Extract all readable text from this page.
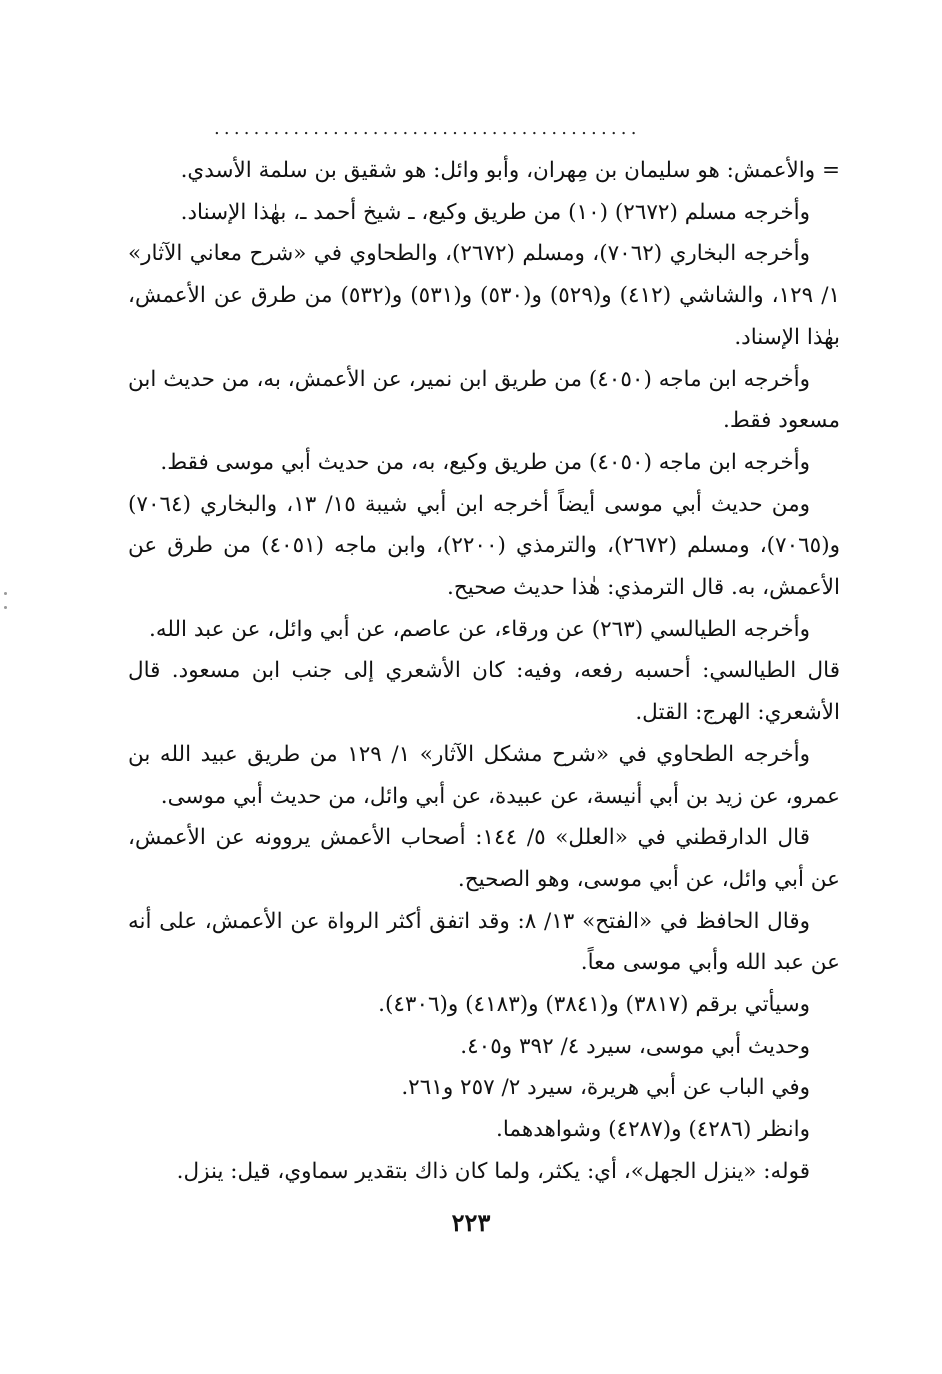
...........................................

= والأعمش: هو سليمان بن مِهران، وأبو وائل: هو شقيق بن سلمة الأسدي.

وأخرجه مسلم (٢٦٧٢) (١٠) من طريق وكيع، ـ شيخ أحمد ـ، بهٰذا الإسناد.

وأخرجه البخاري (٧٠٦٢)، ومسلم (٢٦٧٢)، والطحاوي في «شرح معاني الآثار» ١/ ١٢٩، والشاشي (٤١٢) و(٥٢٩) و(٥٣٠) و(٥٣١) و(٥٣٢) من طرق عن الأعمش، بهٰذا الإسناد.

وأخرجه ابن ماجه (٤٠٥٠) من طريق ابن نمير، عن الأعمش، به، من حديث ابن مسعود فقط.

وأخرجه ابن ماجه (٤٠٥٠) من طريق وكيع، به، من حديث أبي موسى فقط.

ومن حديث أبي موسى أيضاً أخرجه ابن أبي شيبة ١٥/ ١٣، والبخاري (٧٠٦٤) و(٧٠٦٥)، ومسلم (٢٦٧٢)، والترمذي (٢٢٠٠)، وابن ماجه (٤٠٥١) من طرق عن الأعمش، به. قال الترمذي: هٰذا حديث صحيح.

وأخرجه الطيالسي (٢٦٣) عن ورقاء، عن عاصم، عن أبي وائل، عن عبد الله.

قال الطيالسي: أحسبه رفعه، وفيه: كان الأشعري إلى جنب ابن مسعود. قال الأشعري: الهرج: القتل.

وأخرجه الطحاوي في «شرح مشكل الآثار» ١/ ١٢٩ من طريق عبيد الله بن عمرو، عن زيد بن أبي أنيسة، عن عبيدة، عن أبي وائل، من حديث أبي موسى.

قال الدارقطني في «العلل» ٥/ ١٤٤: أصحاب الأعمش يروونه عن الأعمش، عن أبي وائل، عن أبي موسى، وهو الصحيح.

وقال الحافظ في «الفتح» ١٣/ ٨: وقد اتفق أكثر الرواة عن الأعمش، على أنه عن عبد الله وأبي موسى معاً.

وسيأتي برقم (٣٨١٧) و(٣٨٤١) و(٤١٨٣) و(٤٣٠٦).

وحديث أبي موسى، سيرد ٤/ ٣٩٢ و٤٠٥.

وفي الباب عن أبي هريرة، سيرد ٢/ ٢٥٧ و٢٦١.

وانظر (٤٢٨٦) و(٤٢٨٧) وشواهدهما.

قوله: «ينزل الجهل»، أي: يكثر، ولما كان ذاك بتقدير سماوي، قيل: ينزل.

٢٢٣
